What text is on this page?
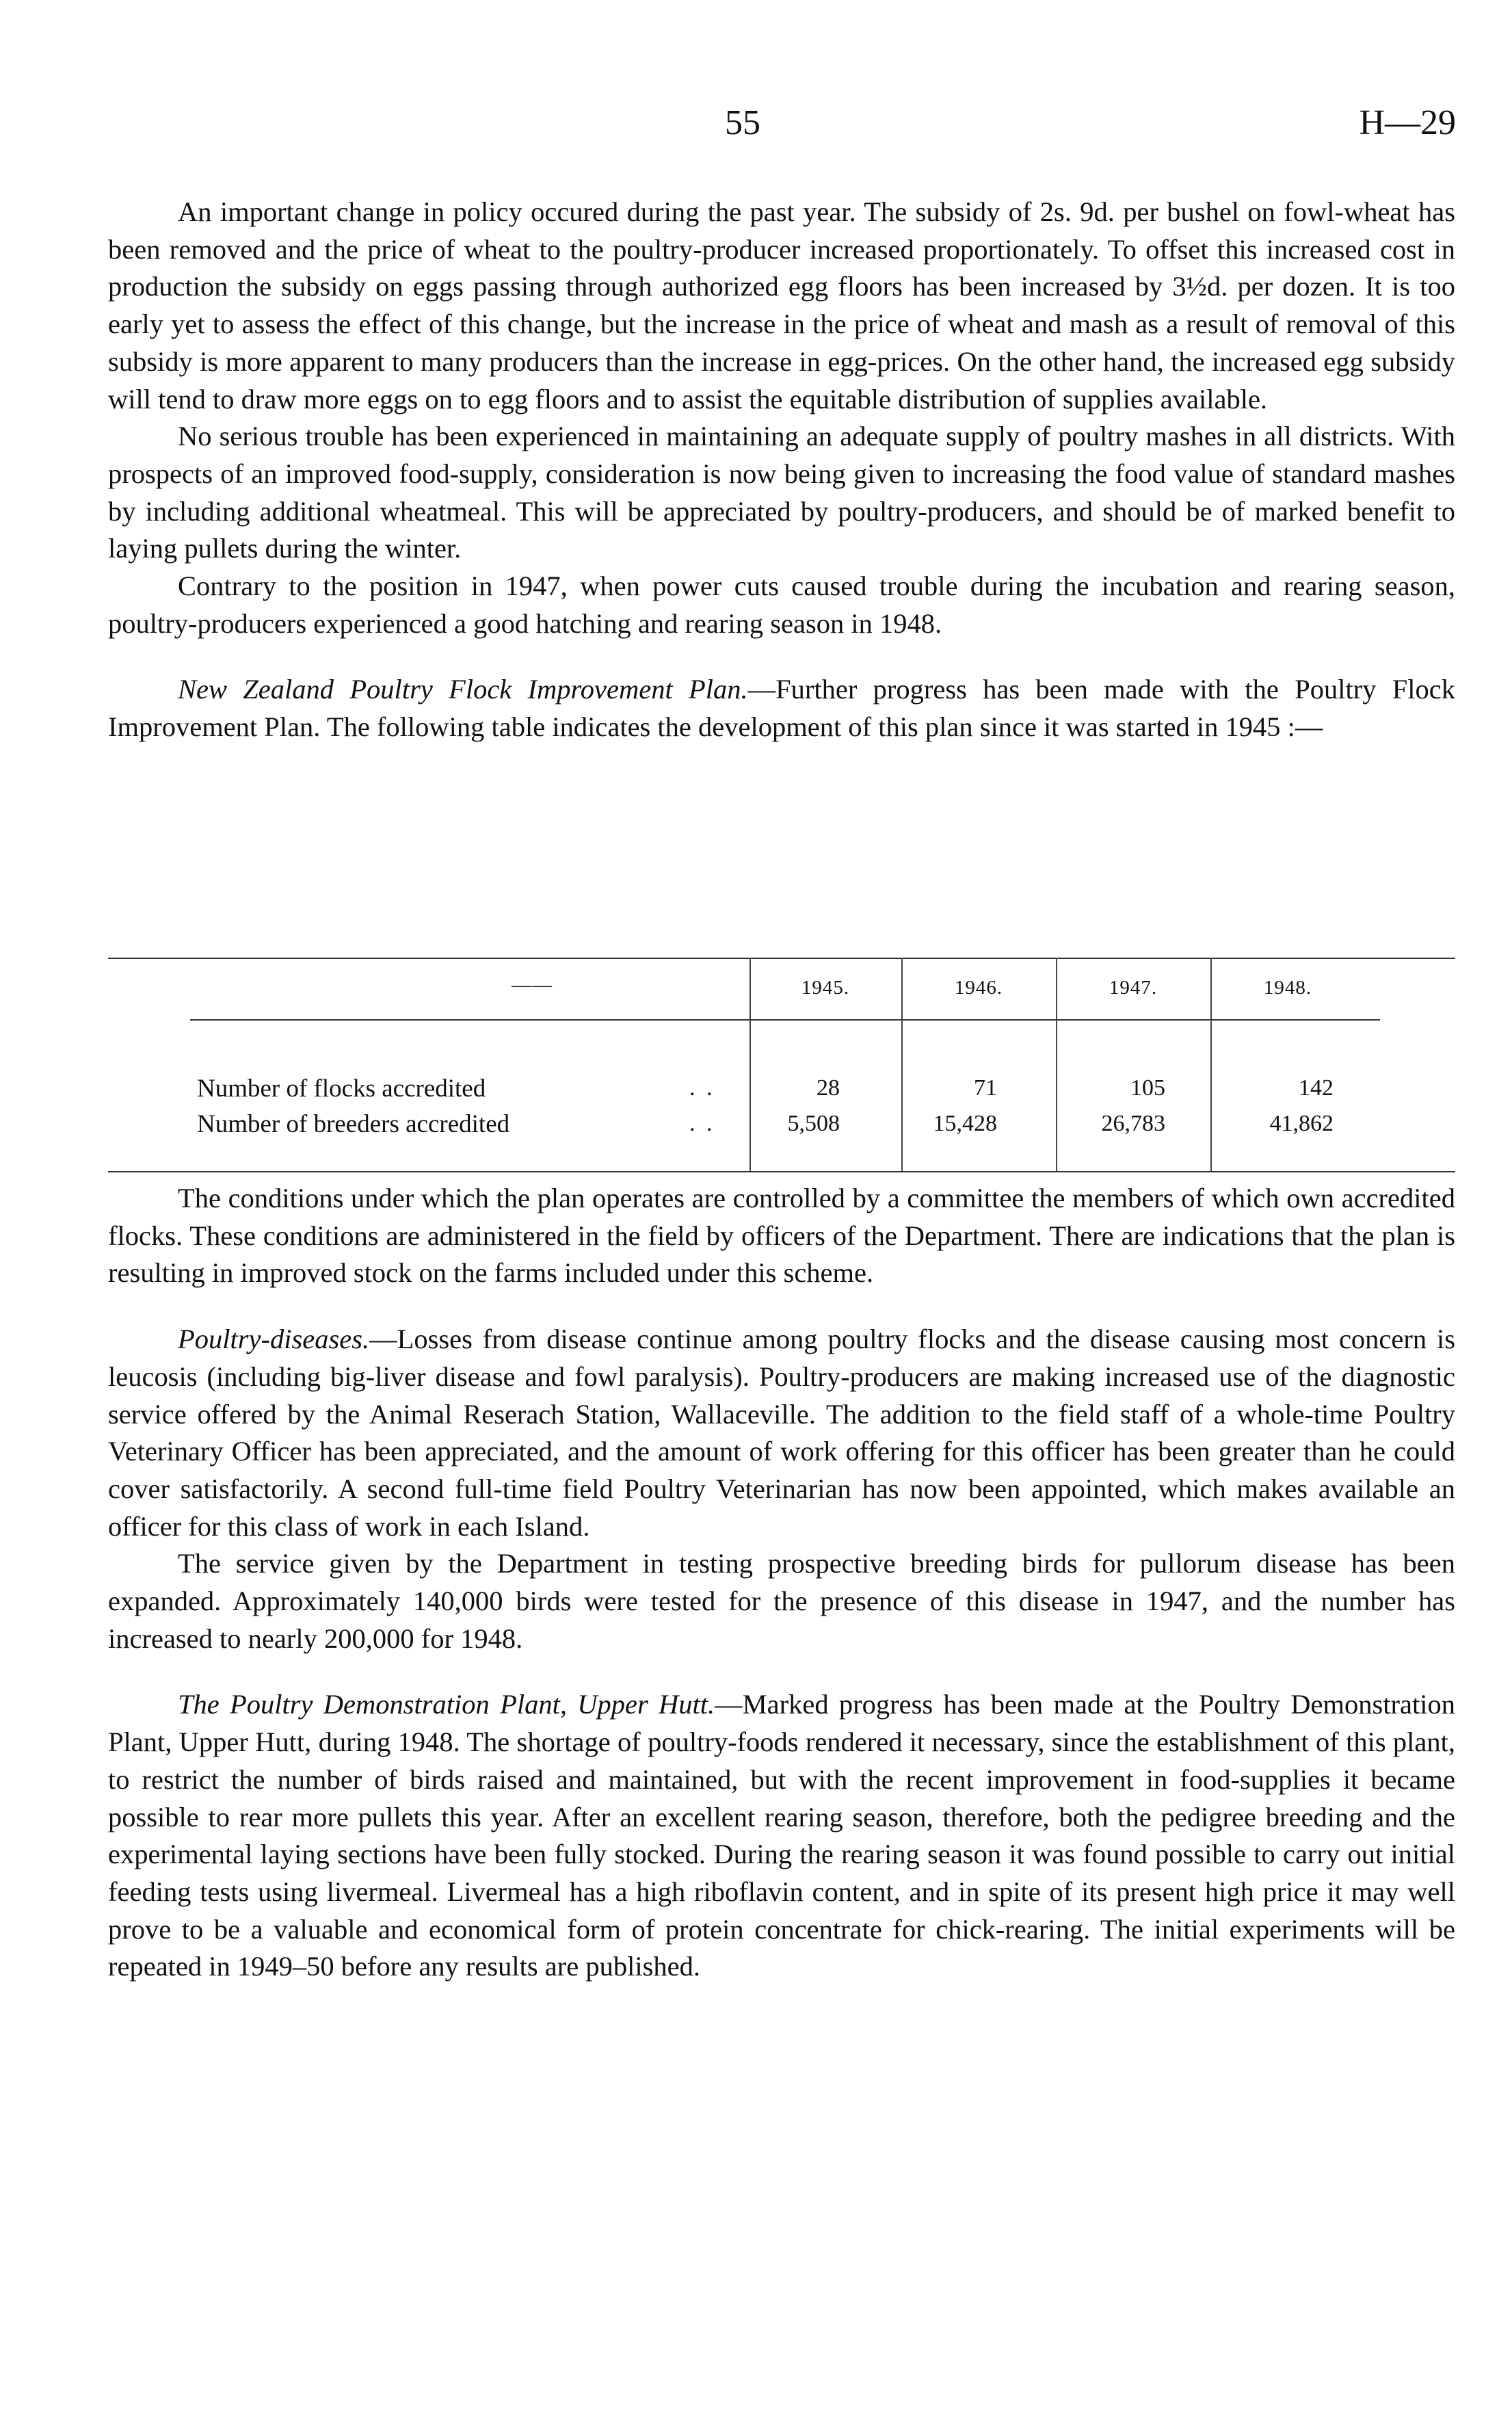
55	H—29

An important change in policy occured during the past year. The subsidy of 2s. 9d. per bushel on fowl-wheat has been removed and the price of wheat to the poultry-producer increased proportionately. To offset this increased cost in production the subsidy on eggs passing through authorized egg floors has been increased by 3½d. per dozen. It is too early yet to assess the effect of this change, but the increase in the price of wheat and mash as a result of removal of this subsidy is more apparent to many producers than the increase in egg-prices. On the other hand, the increased egg subsidy will tend to draw more eggs on to egg floors and to assist the equitable distribution of supplies available.

No serious trouble has been experienced in maintaining an adequate supply of poultry mashes in all districts. With prospects of an improved food-supply, consideration is now being given to increasing the food value of standard mashes by including additional wheatmeal. This will be appreciated by poultry-producers, and should be of marked benefit to laying pullets during the winter.

Contrary to the position in 1947, when power cuts caused trouble during the incubation and rearing season, poultry-producers experienced a good hatching and rearing season in 1948.

New Zealand Poultry Flock Improvement Plan.—Further progress has been made with the Poultry Flock Improvement Plan. The following table indicates the development of this plan since it was started in 1945 :—

——	1945.	1946.	1947.	1948.
Number of flocks accredited	. .	28	71	105	142
Number of breeders accredited	. .	5,508	15,428	26,783	41,862

The conditions under which the plan operates are controlled by a committee the members of which own accredited flocks. These conditions are administered in the field by officers of the Department. There are indications that the plan is resulting in improved stock on the farms included under this scheme.

Poultry-diseases.—Losses from disease continue among poultry flocks and the disease causing most concern is leucosis (including big-liver disease and fowl paralysis). Poultry-producers are making increased use of the diagnostic service offered by the Animal Reserach Station, Wallaceville. The addition to the field staff of a whole-time Poultry Veterinary Officer has been appreciated, and the amount of work offering for this officer has been greater than he could cover satisfactorily. A second full-time field Poultry Veterinarian has now been appointed, which makes available an officer for this class of work in each Island.

The service given by the Department in testing prospective breeding birds for pullorum disease has been expanded. Approximately 140,000 birds were tested for the presence of this disease in 1947, and the number has increased to nearly 200,000 for 1948.

The Poultry Demonstration Plant, Upper Hutt.—Marked progress has been made at the Poultry Demonstration Plant, Upper Hutt, during 1948. The shortage of poultry-foods rendered it necessary, since the establishment of this plant, to restrict the number of birds raised and maintained, but with the recent improvement in food-supplies it became possible to rear more pullets this year. After an excellent rearing season, therefore, both the pedigree breeding and the experimental laying sections have been fully stocked. During the rearing season it was found possible to carry out initial feeding tests using livermeal. Livermeal has a high riboflavin content, and in spite of its present high price it may well prove to be a valuable and economical form of protein concentrate for chick-rearing. The initial experiments will be repeated in 1949–50 before any results are published.
